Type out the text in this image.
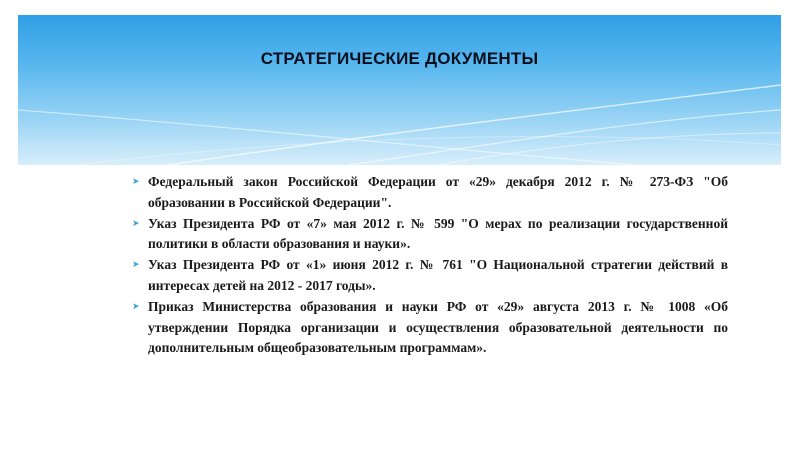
СТРАТЕГИЧЕСКИЕ ДОКУМЕНТЫ
➤ Федеральный закон Российской Федерации от «29» декабря 2012 г. № 273-ФЗ "Об образовании в Российской Федерации".
➤ Указ Президента РФ от «7» мая 2012 г. № 599 "О мерах по реализации государственной политики в области образования и науки».
➤ Указ Президента РФ от «1» июня 2012 г. № 761 "О Национальной стратегии действий в интересах детей на 2012 - 2017 годы».
➤ Приказ Министерства образования и науки РФ от «29» августа 2013 г. № 1008 «Об утверждении Порядка организации и осуществления образовательной деятельности по дополнительным общеобразовательным программам».
